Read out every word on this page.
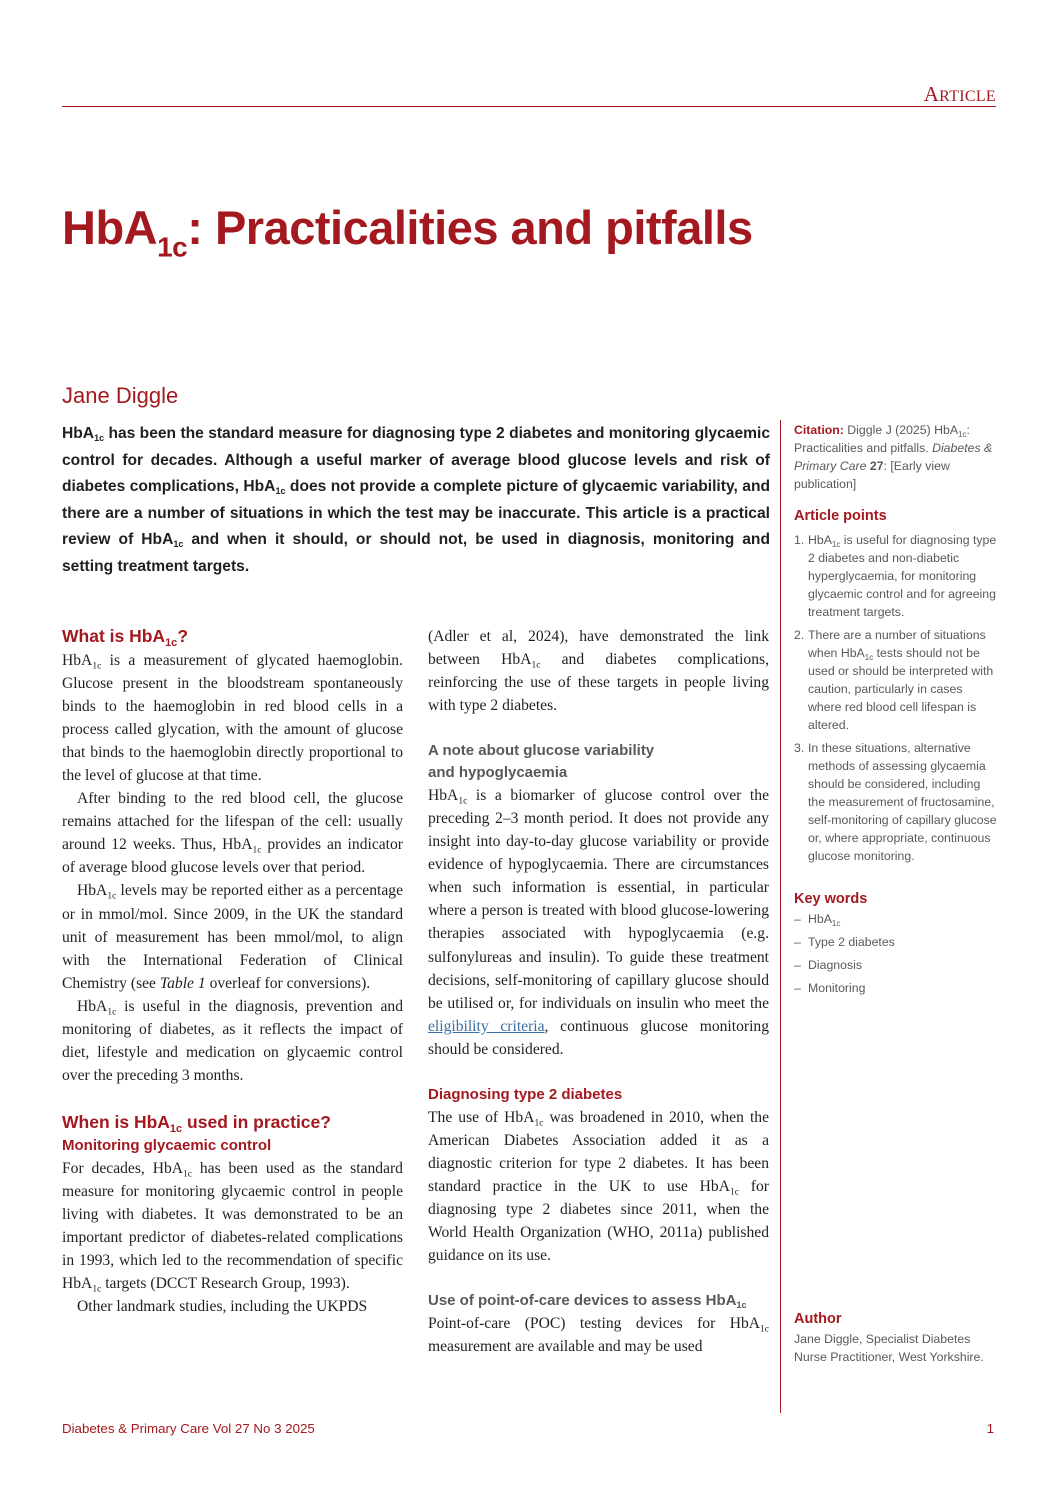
ARTICLE
HbA$_{1c}$: Practicalities and pitfalls
Jane Diggle

HbA$_{1c}$ has been the standard measure for diagnosing type 2 diabetes and monitoring glycaemic control for decades. Although a useful marker of average blood glucose levels and risk of diabetes complications, HbA$_{1c}$ does not provide a complete picture of glycaemic variability, and there are a number of situations in which the test may be inaccurate. This article is a practical review of HbA$_{1c}$ and when it should, or should not, be used in diagnosis, monitoring and setting treatment targets.

What is HbA$_{1c}$?

HbA$_{1c}$ is a measurement of glycated haemoglobin. Glucose present in the bloodstream spontaneously binds to the haemoglobin in red blood cells in a process called glycation, with the amount of glucose that binds to the haemoglobin directly proportional to the level of glucose at that time.

After binding to the red blood cell, the glucose remains attached for the lifespan of the cell: usually around 12 weeks. Thus, HbA$_{1c}$ provides an indicator of average blood glucose levels over that period.

HbA$_{1c}$ levels may be reported either as a percentage or in mmol/mol. Since 2009, in the UK the standard unit of measurement has been mmol/mol, to align with the International Federation of Clinical Chemistry (see Table 1 overleaf for conversions).

HbA$_{1c}$ is useful in the diagnosis, prevention and monitoring of diabetes, as it reflects the impact of diet, lifestyle and medication on glycaemic control over the preceding 3 months.

When is HbA$_{1c}$ used in practice?
Monitoring glycaemic control

For decades, HbA$_{1c}$ has been used as the standard measure for monitoring glycaemic control in people living with diabetes. It was demonstrated to be an important predictor of diabetes-related complications in 1993, which led to the recommendation of specific HbA$_{1c}$ targets (DCCT Research Group, 1993).

Other landmark studies, including the UKPDS

(Adler et al, 2024), have demonstrated the link between HbA$_{1c}$ and diabetes complications, reinforcing the use of these targets in people living with type 2 diabetes.

A note about glucose variability
and hypoglycaemia

HbA$_{1c}$ is a biomarker of glucose control over the preceding 2–3 month period. It does not provide any insight into day-to-day glucose variability or provide evidence of hypoglycaemia. There are circumstances when such information is essential, in particular where a person is treated with blood glucose-lowering therapies associated with hypoglycaemia (e.g. sulfonylureas and insulin). To guide these treatment decisions, self-monitoring of capillary glucose should be utilised or, for individuals on insulin who meet the eligibility criteria, continuous glucose monitoring should be considered.

Diagnosing type 2 diabetes

The use of HbA$_{1c}$ was broadened in 2010, when the American Diabetes Association added it as a diagnostic criterion for type 2 diabetes. It has been standard practice in the UK to use HbA$_{1c}$ for diagnosing type 2 diabetes since 2011, when the World Health Organization (WHO, 2011a) published guidance on its use.

Use of point-of-care devices to assess HbA$_{1c}$

Point-of-care (POC) testing devices for HbA$_{1c}$ measurement are available and may be used

Citation: Diggle J (2025) HbA$_{1c}$: Practicalities and pitfalls. Diabetes & Primary Care 27: [Early view publication]

Article points
1. HbA$_{1c}$ is useful for diagnosing type 2 diabetes and non-diabetic hyperglycaemia, for monitoring glycaemic control and for agreeing treatment targets.
2. There are a number of situations when HbA$_{1c}$ tests should not be used or should be interpreted with caution, particularly in cases where red blood cell lifespan is altered.
3. In these situations, alternative methods of assessing glycaemia should be considered, including the measurement of fructosamine, self-monitoring of capillary glucose or, where appropriate, continuous glucose monitoring.
Key words
– HbA$_{1c}$
– Type 2 diabetes
– Diagnosis
– Monitoring
Author

Jane Diggle, Specialist Diabetes Nurse Practitioner, West Yorkshire.

Diabetes & Primary Care Vol 27 No 3 2025	1
